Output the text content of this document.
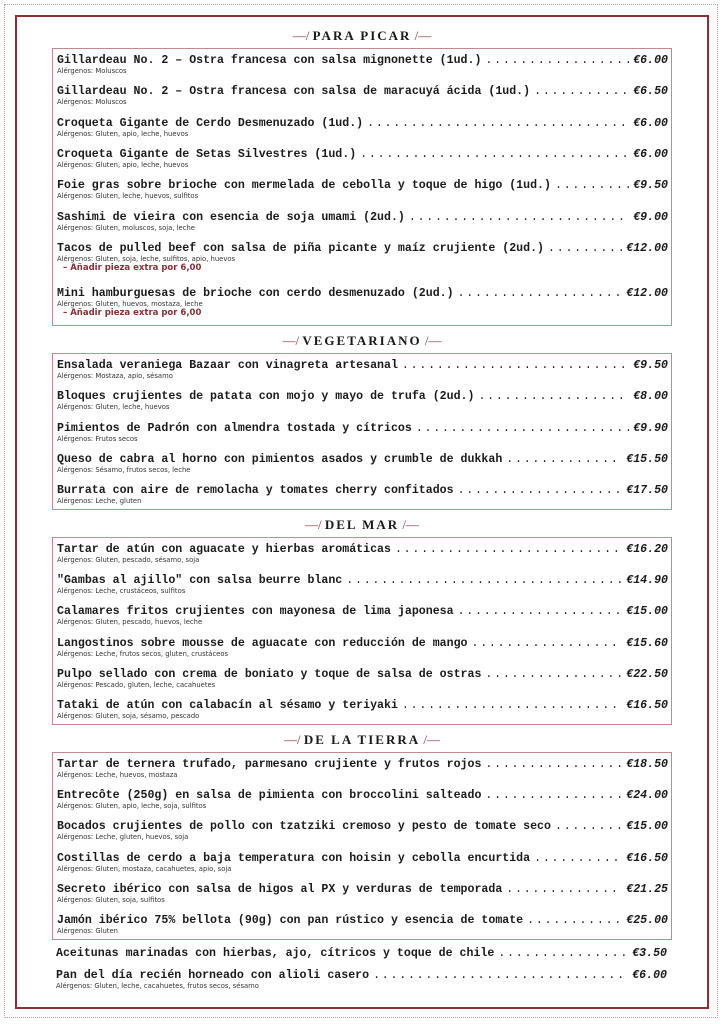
—/ PARA PICAR /—
Gillardeau No. 2 – Ostra francesa con salsa mignonette (1ud.) . . .	€6.00
Alérgenos: Moluscos
Gillardeau No. 2 – Ostra francesa con salsa de maracuyá ácida (1ud.) . . .	€6.50
Alérgenos: Moluscos
Croqueta Gigante de Cerdo Desmenuzado (1ud.) . . .	€6.00
Alérgenos: Gluten, apio, leche, huevos
Croqueta Gigante de Setas Silvestres (1ud.) . . .	€6.00
Alérgenos: Gluten, apio, leche, huevos
Foie gras sobre brioche con mermelada de cebolla y toque de higo (1ud.) . . .	€9.50
Alérgenos: Gluten, leche, huevos, sulfitos
Sashimi de vieira con esencia de soja umami (2ud.) . . .	€9.00
Alérgenos: Gluten, moluscos, soja, leche
Tacos de pulled beef con salsa de piña picante y maíz crujiente (2ud.) . . .	€12.00
Alérgenos: Gluten, soja, leche, sulfitos, apio, huevos
– Añadir pieza extra por 6,00
Mini hamburguesas de brioche con cerdo desmenuzado (2ud.) . . .	€12.00
Alérgenos: Gluten, huevos, mostaza, leche
– Añadir pieza extra por 6,00
—/ VEGETARIANO /—
Ensalada veraniega Bazaar con vinagreta artesanal . . .	€9.50
Alérgenos: Mostaza, apio, sésamo
Bloques crujientes de patata con mojo y mayo de trufa (2ud.) . . .	€8.00
Alérgenos: Gluten, leche, huevos
Pimientos de Padrón con almendra tostada y cítricos . . .	€9.90
Alérgenos: Frutos secos
Queso de cabra al horno con pimientos asados y crumble de dukkah . . .	€15.50
Alérgenos: Sésamo, frutos secos, leche
Burrata con aire de remolacha y tomates cherry confitados . . .	€17.50
Alérgenos: Leche, gluten
—/ DEL MAR /—
Tartar de atún con aguacate y hierbas aromáticas . . .	€16.20
Alérgenos: Gluten, pescado, sésamo, soja
"Gambas al ajillo" con salsa beurre blanc . . .	€14.90
Alérgenos: Leche, crustáceos, sulfitos
Calamares fritos crujientes con mayonesa de lima japonesa . . .	€15.00
Alérgenos: Gluten, pescado, huevos, leche
Langostinos sobre mousse de aguacate con reducción de mango . . .	€15.60
Alérgenos: Leche, frutos secos, gluten, crustáceos
Pulpo sellado con crema de boniato y toque de salsa de ostras . . .	€22.50
Alérgenos: Pescado, gluten, leche, cacahuetes
Tataki de atún con calabacín al sésamo y teriyaki . . .	€16.50
Alérgenos: Gluten, soja, sésamo, pescado
—/ DE LA TIERRA /—
Tartar de ternera trufado, parmesano crujiente y frutos rojos . . .	€18.50
Alérgenos: Leche, huevos, mostaza
Entrecôte (250g) en salsa de pimienta con broccolini salteado . . .	€24.00
Alérgenos: Gluten, apio, leche, soja, sulfitos
Bocados crujientes de pollo con tzatziki cremoso y pesto de tomate seco . . .	€15.00
Alérgenos: Leche, gluten, huevos, soja
Costillas de cerdo a baja temperatura con hoisin y cebolla encurtida . . .	€16.50
Alérgenos: Gluten, mostaza, cacahuetes, apio, soja
Secreto ibérico con salsa de higos al PX y verduras de temporada . . .	€21.25
Alérgenos: Gluten, soja, sulfitos
Jamón ibérico 75% bellota (90g) con pan rústico y esencia de tomate . . .	€25.00
Alérgenos: Gluten
Aceitunas marinadas con hierbas, ajo, cítricos y toque de chile . . .	€3.50
Pan del día recién horneado con alioli casero . . .	€6.00
Alérgenos: Gluten, leche, cacahuetes, frutos secos, sésamo
